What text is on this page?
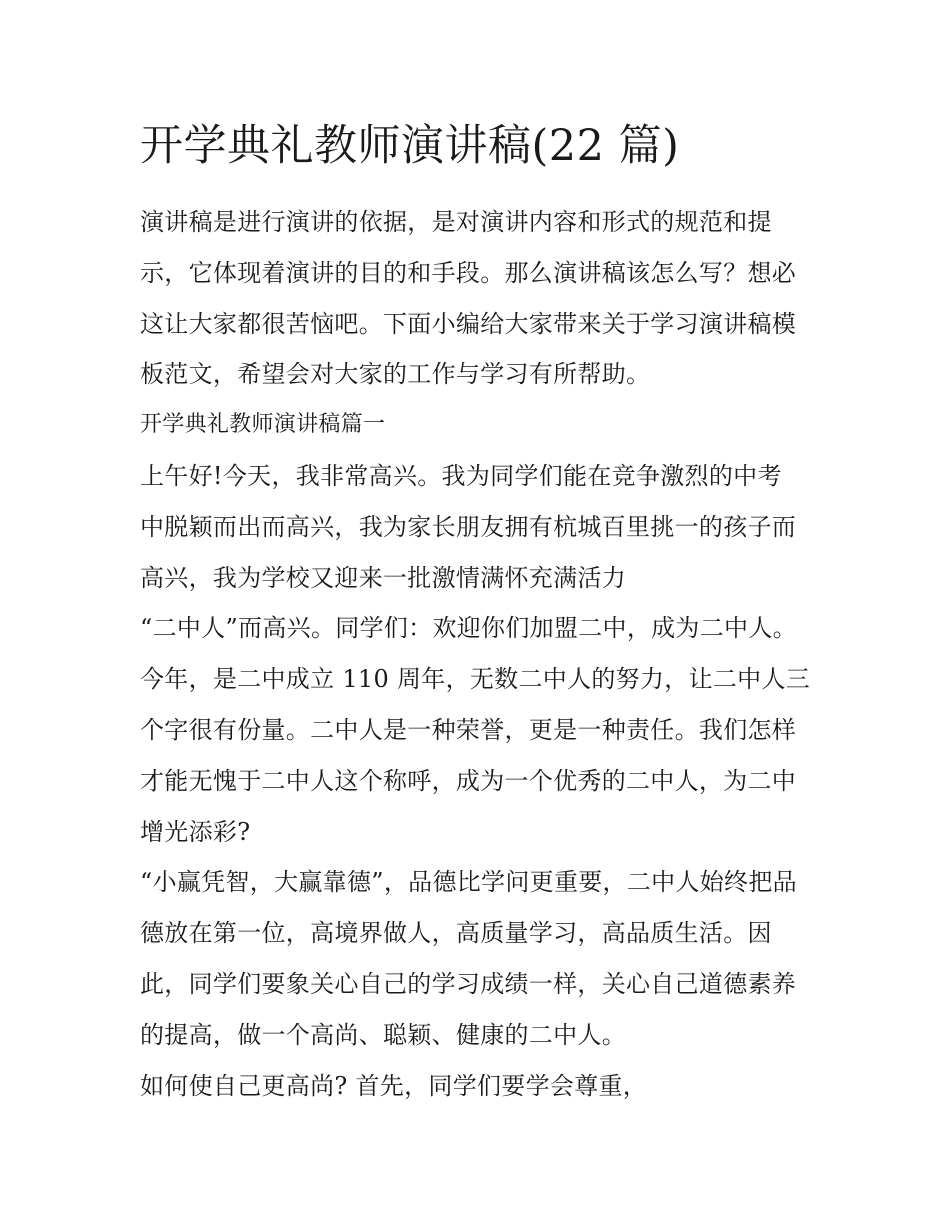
开学典礼教师演讲稿(22 篇)
演讲稿是进行演讲的依据，是对演讲内容和形式的规范和提
示，它体现着演讲的目的和手段。那么演讲稿该怎么写？想必
这让大家都很苦恼吧。下面小编给大家带来关于学习演讲稿模
板范文，希望会对大家的工作与学习有所帮助。
开学典礼教师演讲稿篇一
上午好!今天，我非常高兴。我为同学们能在竞争激烈的中考
中脱颖而出而高兴，我为家长朋友拥有杭城百里挑一的孩子而
高兴，我为学校又迎来一批激情满怀充满活力
“二中人”而高兴。同学们：欢迎你们加盟二中，成为二中人。
今年，是二中成立 110 周年，无数二中人的努力，让二中人三
个字很有份量。二中人是一种荣誉，更是一种责任。我们怎样
才能无愧于二中人这个称呼，成为一个优秀的二中人，为二中
增光添彩?
“小赢凭智，大赢靠德”，品德比学问更重要，二中人始终把品
德放在第一位，高境界做人，高质量学习，高品质生活。因
此，同学们要象关心自己的学习成绩一样，关心自己道德素养
的提高，做一个高尚、聪颖、健康的二中人。
如何使自己更高尚? 首先，同学们要学会尊重，
